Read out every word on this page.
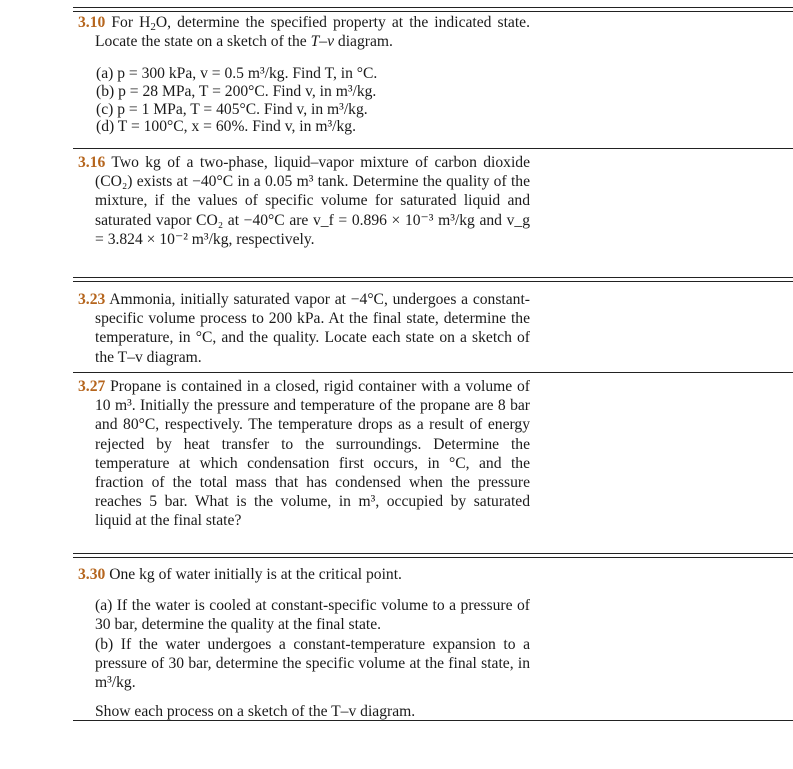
3.10 For $H_2O$, determine the specified property at the indicated state. Locate the state on a sketch of the T–v diagram.

(a) p = 300 kPa, v = 0.5 m³/kg. Find T, in °C.

(b) p = 28 MPa, T = 200°C. Find v, in m³/kg.

(c) p = 1 MPa, T = 405°C. Find v, in m³/kg.

(d) T = 100°C, x = 60%. Find v, in m³/kg.

3.16 Two kg of a two-phase, liquid–vapor mixture of carbon dioxide (CO₂) exists at −40°C in a 0.05 m³ tank. Determine the quality of the mixture, if the values of specific volume for saturated liquid and saturated vapor CO₂ at −40°C are v_f = 0.896 × 10⁻³ m³/kg and v_g = 3.824 × 10⁻² m³/kg, respectively.

3.23 Ammonia, initially saturated vapor at −4°C, undergoes a constant-specific volume process to 200 kPa. At the final state, determine the temperature, in °C, and the quality. Locate each state on a sketch of the T–v diagram.

3.27 Propane is contained in a closed, rigid container with a volume of 10 m³. Initially the pressure and temperature of the propane are 8 bar and 80°C, respectively. The temperature drops as a result of energy rejected by heat transfer to the surroundings. Determine the temperature at which condensation first occurs, in °C, and the fraction of the total mass that has condensed when the pressure reaches 5 bar. What is the volume, in m³, occupied by saturated liquid at the final state?

3.30 One kg of water initially is at the critical point.

(a) If the water is cooled at constant-specific volume to a pressure of 30 bar, determine the quality at the final state.

(b) If the water undergoes a constant-temperature expansion to a pressure of 30 bar, determine the specific volume at the final state, in m³/kg.

Show each process on a sketch of the T–v diagram.
